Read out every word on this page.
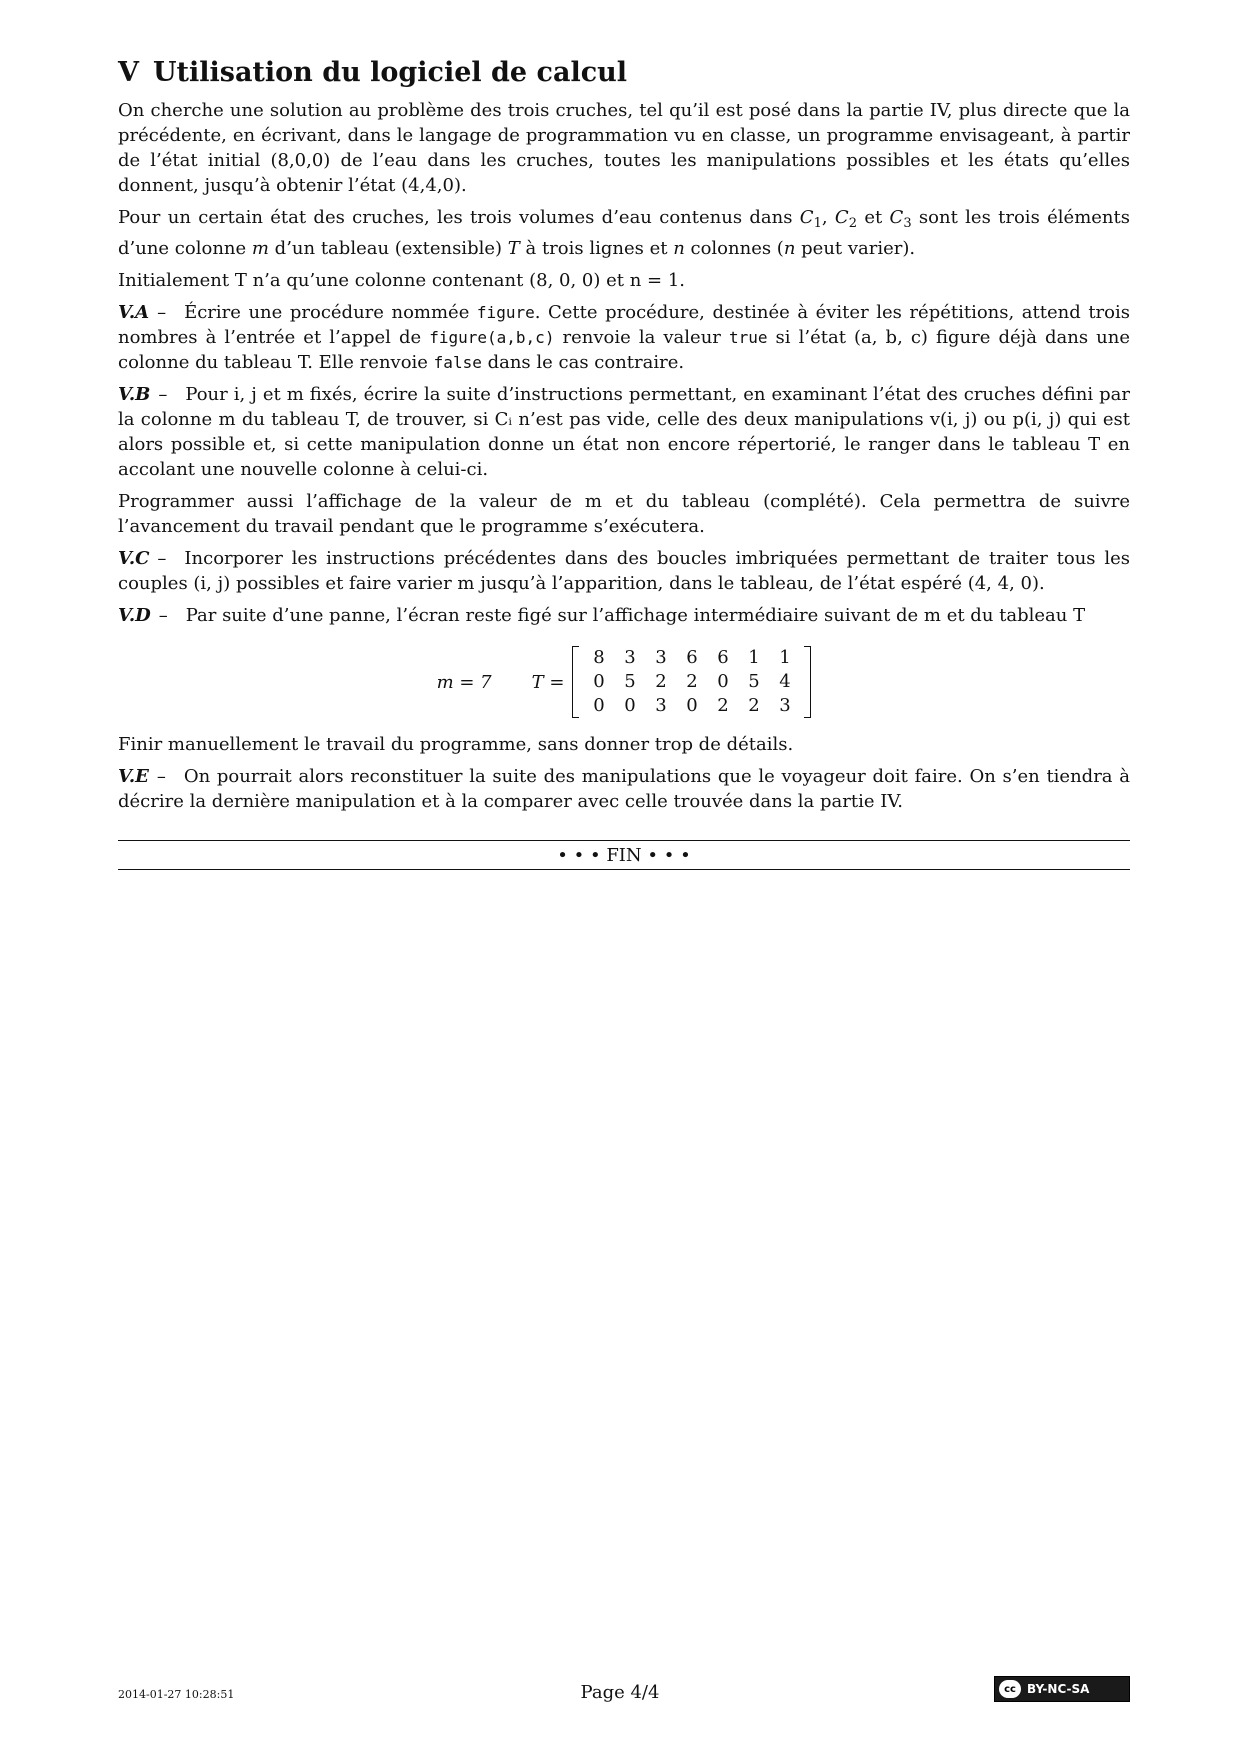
V Utilisation du logiciel de calcul

On cherche une solution au problème des trois cruches, tel qu’il est posé dans la partie IV, plus directe que la précédente, en écrivant, dans le langage de programmation vu en classe, un programme envisageant, à partir de l’état initial (8,0,0) de l’eau dans les cruches, toutes les manipulations possibles et les états qu’elles donnent, jusqu’à obtenir l’état (4,4,0).

Pour un certain état des cruches, les trois volumes d’eau contenus dans $C_1$, $C_2$ et $C_3$ sont les trois éléments d’une colonne m d’un tableau (extensible) T à trois lignes et n colonnes (n peut varier).

Initialement T n’a qu’une colonne contenant (8, 0, 0) et n = 1.

V.A – Écrire une procédure nommée figure. Cette procédure, destinée à éviter les répétitions, attend trois nombres à l’entrée et l’appel de figure(a,b,c) renvoie la valeur true si l’état (a, b, c) figure déjà dans une colonne du tableau T. Elle renvoie false dans le cas contraire.

V.B – Pour i, j et m fixés, écrire la suite d’instructions permettant, en examinant l’état des cruches défini par la colonne m du tableau T, de trouver, si Cᵢ n’est pas vide, celle des deux manipulations v(i, j) ou p(i, j) qui est alors possible et, si cette manipulation donne un état non encore répertorié, le ranger dans le tableau T en accolant une nouvelle colonne à celui-ci.

Programmer aussi l’affichage de la valeur de m et du tableau (complété). Cela permettra de suivre l’avancement du travail pendant que le programme s’exécutera.

V.C – Incorporer les instructions précédentes dans des boucles imbriquées permettant de traiter tous les couples (i, j) possibles et faire varier m jusqu’à l’apparition, dans le tableau, de l’état espéré (4, 4, 0).

V.D – Par suite d’une panne, l’écran reste figé sur l’affichage intermédiaire suivant de m et du tableau T

m = 7 T =
8	3	3	6	6	1	1
0	5	2	2	0	5	4
0	0	3	0	2	2	3

Finir manuellement le travail du programme, sans donner trop de détails.

V.E – On pourrait alors reconstituer la suite des manipulations que le voyageur doit faire. On s’en tiendra à décrire la dernière manipulation et à la comparer avec celle trouvée dans la partie IV.

• • • FIN • • •
2014-01-27 10:28:51	Page 4/4	cc BY-NC-SA
